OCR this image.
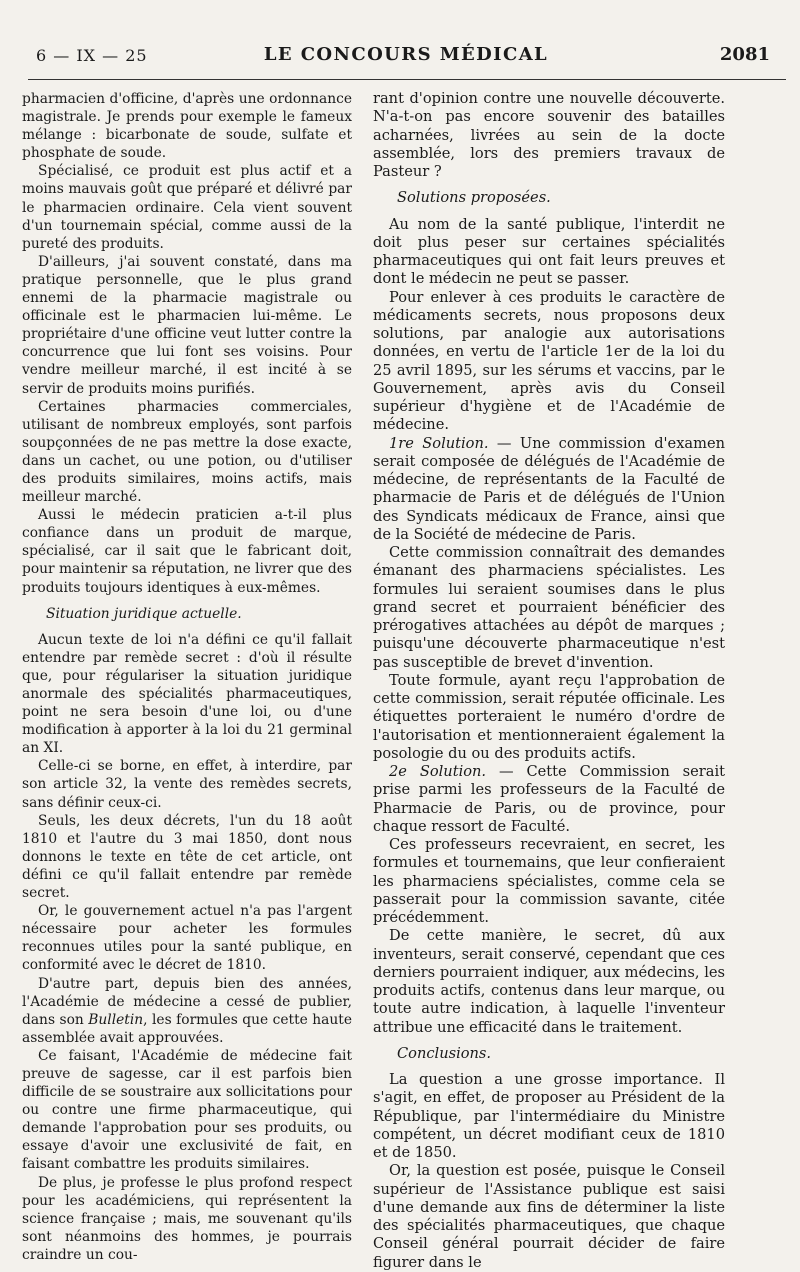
6 — IX — 25	LE CONCOURS MÉDICAL	2081

pharmacien d'officine, d'après une ordonnance magistrale. Je prends pour exemple le fameux mélange : bicarbonate de soude, sulfate et phosphate de soude.

Spécialisé, ce produit est plus actif et a moins mauvais goût que préparé et délivré par le pharmacien ordinaire. Cela vient souvent d'un tournemain spécial, comme aussi de la pureté des produits.

D'ailleurs, j'ai souvent constaté, dans ma pratique personnelle, que le plus grand ennemi de la pharmacie magistrale ou officinale est le pharmacien lui-même. Le propriétaire d'une officine veut lutter contre la concurrence que lui font ses voisins. Pour vendre meilleur marché, il est incité à se servir de produits moins purifiés.

Certaines pharmacies commerciales, utilisant de nombreux employés, sont parfois soupçonnées de ne pas mettre la dose exacte, dans un cachet, ou une potion, ou d'utiliser des produits similaires, moins actifs, mais meilleur marché.

Aussi le médecin praticien a-t-il plus confiance dans un produit de marque, spécialisé, car il sait que le fabricant doit, pour maintenir sa réputation, ne livrer que des produits toujours identiques à eux-mêmes.

Situation juridique actuelle.

Aucun texte de loi n'a défini ce qu'il fallait entendre par remède secret : d'où il résulte que, pour régulariser la situation juridique anormale des spécialités pharmaceutiques, point ne sera besoin d'une loi, ou d'une modification à apporter à la loi du 21 germinal an XI.

Celle-ci se borne, en effet, à interdire, par son article 32, la vente des remèdes secrets, sans définir ceux-ci.

Seuls, les deux décrets, l'un du 18 août 1810 et l'autre du 3 mai 1850, dont nous donnons le texte en tête de cet article, ont défini ce qu'il fallait entendre par remède secret.

Or, le gouvernement actuel n'a pas l'argent nécessaire pour acheter les formules reconnues utiles pour la santé publique, en conformité avec le décret de 1810.

D'autre part, depuis bien des années, l'Académie de médecine a cessé de publier, dans son Bulletin, les formules que cette haute assemblée avait approuvées.

Ce faisant, l'Académie de médecine fait preuve de sagesse, car il est parfois bien difficile de se soustraire aux sollicitations pour ou contre une firme pharmaceutique, qui demande l'approbation pour ses produits, ou essaye d'avoir une exclusivité de fait, en faisant combattre les produits similaires.

De plus, je professe le plus profond respect pour les académiciens, qui représentent la science française ; mais, me souvenant qu'ils sont néanmoins des hommes, je pourrais craindre un cou-

rant d'opinion contre une nouvelle découverte. N'a-t-on pas encore souvenir des batailles acharnées, livrées au sein de la docte assemblée, lors des premiers travaux de Pasteur ?

Solutions proposées.

Au nom de la santé publique, l'interdit ne doit plus peser sur certaines spécialités pharmaceutiques qui ont fait leurs preuves et dont le médecin ne peut se passer.

Pour enlever à ces produits le caractère de médicaments secrets, nous proposons deux solutions, par analogie aux autorisations données, en vertu de l'article 1er de la loi du 25 avril 1895, sur les sérums et vaccins, par le Gouvernement, après avis du Conseil supérieur d'hygiène et de l'Académie de médecine.

1re Solution. — Une commission d'examen serait composée de délégués de l'Académie de médecine, de représentants de la Faculté de pharmacie de Paris et de délégués de l'Union des Syndicats médicaux de France, ainsi que de la Société de médecine de Paris.

Cette commission connaîtrait des demandes émanant des pharmaciens spécialistes. Les formules lui seraient soumises dans le plus grand secret et pourraient bénéficier des prérogatives attachées au dépôt de marques ; puisqu'une découverte pharmaceutique n'est pas susceptible de brevet d'invention.

Toute formule, ayant reçu l'approbation de cette commission, serait réputée officinale. Les étiquettes porteraient le numéro d'ordre de l'autorisation et mentionneraient également la posologie du ou des produits actifs.

2e Solution. — Cette Commission serait prise parmi les professeurs de la Faculté de Pharmacie de Paris, ou de province, pour chaque ressort de Faculté.

Ces professeurs recevraient, en secret, les formules et tournemains, que leur confieraient les pharmaciens spécialistes, comme cela se passerait pour la commission savante, citée précédemment.

De cette manière, le secret, dû aux inventeurs, serait conservé, cependant que ces derniers pourraient indiquer, aux médecins, les produits actifs, contenus dans leur marque, ou toute autre indication, à laquelle l'inventeur attribue une efficacité dans le traitement.

Conclusions.

La question a une grosse importance. Il s'agit, en effet, de proposer au Président de la République, par l'intermédiaire du Ministre compétent, un décret modifiant ceux de 1810 et de 1850.

Or, la question est posée, puisque le Conseil supérieur de l'Assistance publique est saisi d'une demande aux fins de déterminer la liste des spécialités pharmaceutiques, que chaque Conseil général pourrait décider de faire figurer dans le
